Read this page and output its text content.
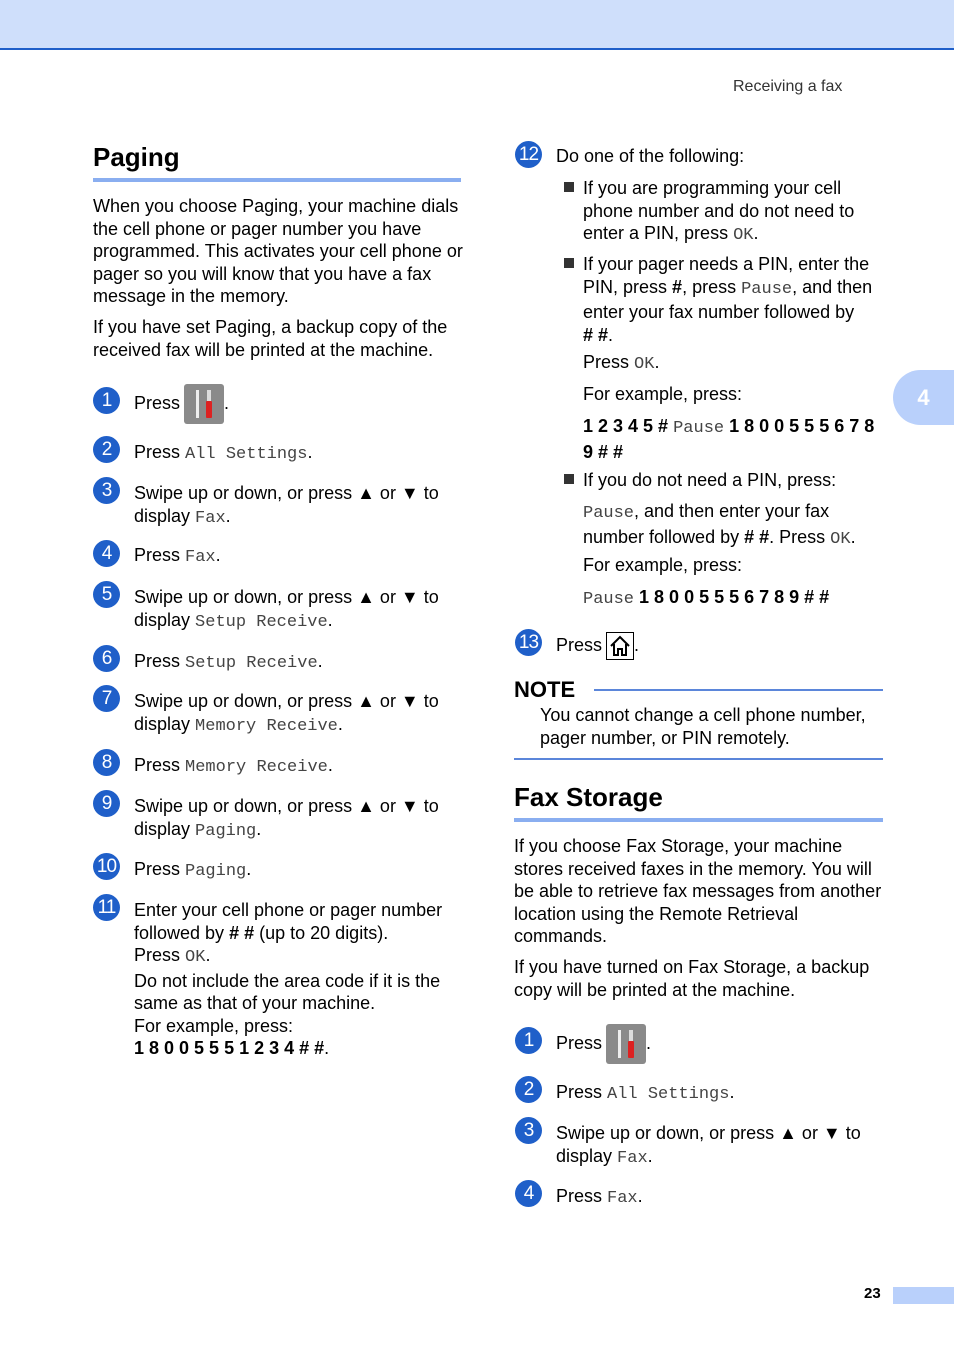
Receiving a fax
4
23
Paging
When you choose Paging, your machine dials the cell phone or pager number you have programmed. This activates your cell phone or pager so you will know that you have a fax message in the memory.
If you have set Paging, a backup copy of the received fax will be printed at the machine.
1	Press .
2	Press All Settings.
3	Swipe up or down, or press ▲ or ▼ to
display Fax.
4	Press Fax.
5	Swipe up or down, or press ▲ or ▼ to
display Setup Receive.
6	Press Setup Receive.
7	Swipe up or down, or press ▲ or ▼ to
display Memory Receive.
8	Press Memory Receive.
9	Swipe up or down, or press ▲ or ▼ to
display Paging.
10 Press Paging.
11 Enter your cell phone or pager number
followed by # # (up to 20 digits).
Press OK.
Do not include the area code if it is the
same as that of your machine.
For example, press:
1 8 0 0 5 5 5 1 2 3 4 # #.
12 Do one of the following:
If you are programming your cell
phone number and do not need to
enter a PIN, press OK.
If your pager needs a PIN, enter the
PIN, press #, press Pause, and then
enter your fax number followed by
# #.
Press OK.
For example, press:
1 2 3 4 5 # Pause 1 8 0 0 5 5 5 6 7 8
9 # #
If you do not need a PIN, press:
Pause, and then enter your fax
number followed by # #. Press OK.
For example, press:
Pause 1 8 0 0 5 5 5 6 7 8 9 # #
13 Press .
NOTE
You cannot change a cell phone number,
pager number, or PIN remotely.
Fax Storage
If you choose Fax Storage, your machine stores received faxes in the memory. You will be able to retrieve fax messages from another location using the Remote Retrieval commands.
If you have turned on Fax Storage, a backup copy will be printed at the machine.
1	Press .
2	Press All Settings.
3	Swipe up or down, or press ▲ or ▼ to
display Fax.
4	Press Fax.
